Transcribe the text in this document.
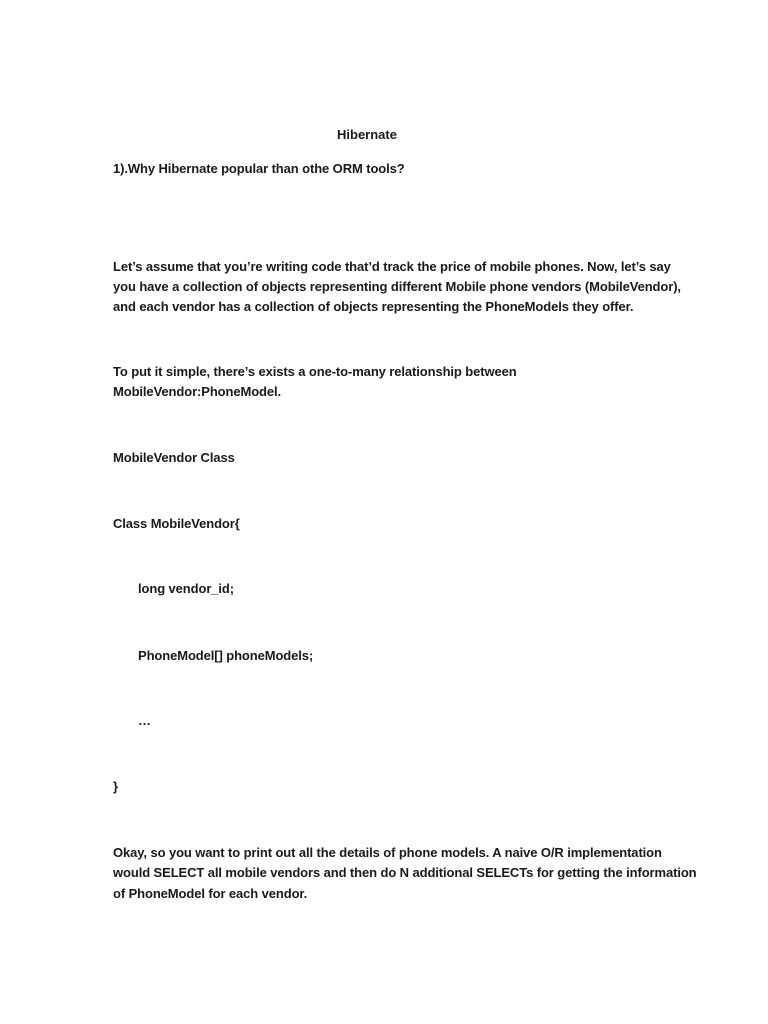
Hibernate
1).Why Hibernate popular than othe ORM tools?
Let’s assume that you’re writing code that’d track the price of mobile phones. Now, let’s say
you have a collection of objects representing different Mobile phone vendors (MobileVendor),
and each vendor has a collection of objects representing the PhoneModels they offer.
To put it simple, there’s exists a one-to-many relationship between
MobileVendor:PhoneModel.
MobileVendor Class
Class MobileVendor{
long vendor_id;
PhoneModel[] phoneModels;
…
}
Okay, so you want to print out all the details of phone models. A naive O/R implementation
would SELECT all mobile vendors and then do N additional SELECTs for getting the information
of PhoneModel for each vendor.
